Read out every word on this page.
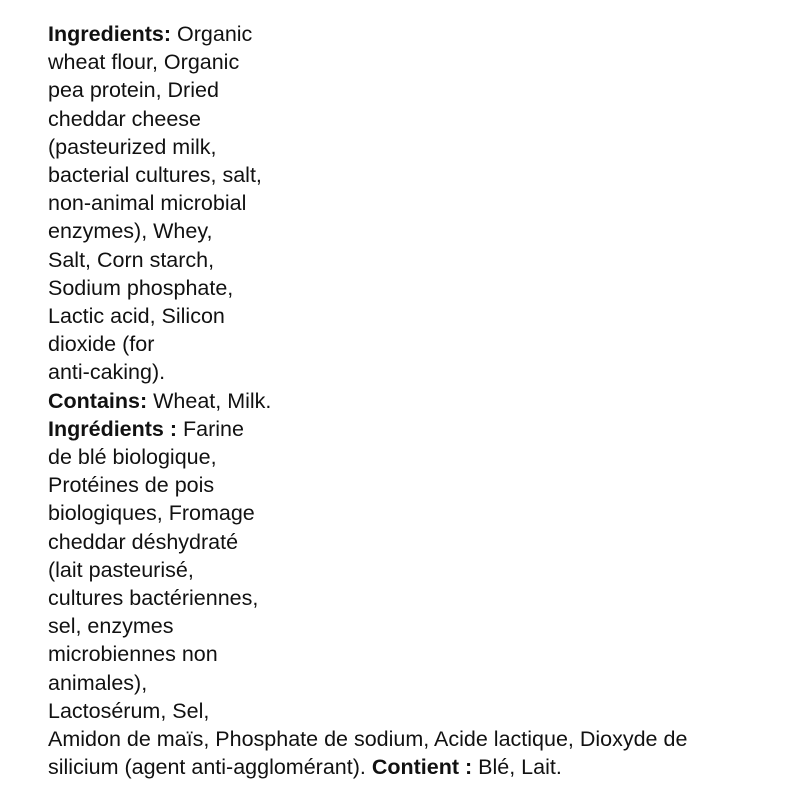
Ingredients: Organic
wheat flour, Organic
pea protein, Dried
cheddar cheese
(pasteurized milk,
bacterial cultures, salt,
non-animal microbial
enzymes), Whey,
Salt, Corn starch,
Sodium phosphate,
Lactic acid, Silicon
dioxide (for
anti-caking).
Contains: Wheat, Milk.
Ingrédients : Farine
de blé biologique,
Protéines de pois
biologiques, Fromage
cheddar déshydraté
(lait pasteurisé,
cultures bactériennes,
sel, enzymes
microbiennes non
animales),
Lactosérum, Sel,
Amidon de maïs, Phosphate de sodium, Acide lactique, Dioxyde de
silicium (agent anti-agglomérant). Contient : Blé, Lait.
